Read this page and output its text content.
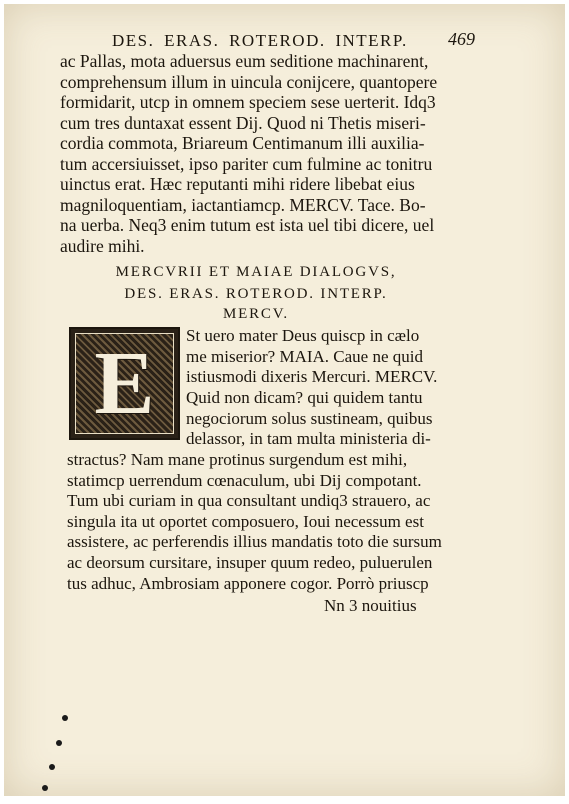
DES. ERAS. ROTEROD. INTERP. 469
ac Pallas, mota aduersus eum seditione machinarent,
comprehensum illum in uincula conijcere, quantopere
formidarit, utcp in omnem speciem sese uerterit. Idq3
cum tres duntaxat essent Dij. Quod ni Thetis miseri-
cordia commota, Briareum Centimanum illi auxilia-
tum accersiuisset, ipso pariter cum fulmine ac tonitru
uinctus erat. Hæc reputanti mihi ridere libebat eius
magniloquentiam, iactantiamcp. MERCV. Tace. Bo-
na uerba. Neq3 enim tutum est ista uel tibi dicere, uel
audire mihi.
MERCVRII ET MAIAE DIALOGVS,
DES. ERAS. ROTEROD. INTERP.
MERCV.
E	St uero mater Deus quiscp in cælo
me miserior? MAIA. Caue ne quid
istiusmodi dixeris Mercuri. MERCV.
Quid non dicam? qui quidem tantu
negociorum solus sustineam, quibus
delassor, in tam multa ministeria di-
stractus? Nam mane protinus surgendum est mihi,
statimcp uerrendum cœnaculum, ubi Dij compotant.
Tum ubi curiam in qua consultant undiq3 strauero, ac
singula ita ut oportet composuero, Ioui necessum est
assistere, ac perferendis illius mandatis toto die sursum
ac deorsum cursitare, insuper quum redeo, puluerulen
tus adhuc, Ambrosiam apponere cogor. Porrò priuscp
Nn 3 nouitius
